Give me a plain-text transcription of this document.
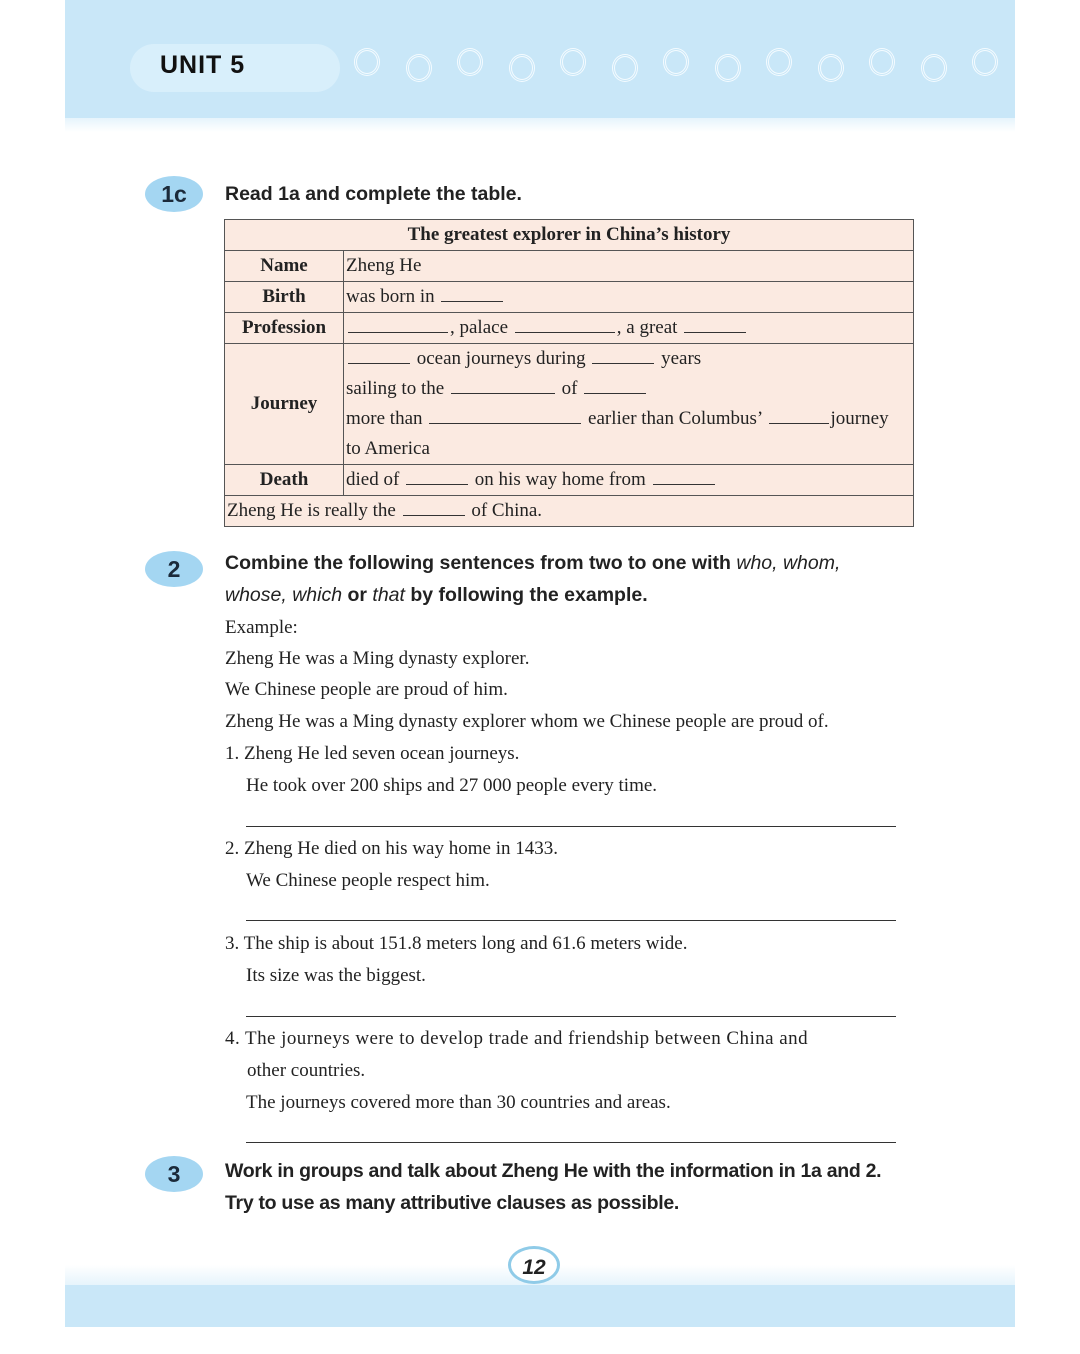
UNIT 5
1c	Read 1a and complete the table.
The greatest explorer in China’s history	
Name	Zheng He
Birth	was born in
Profession	, palace , a great
Journey	ocean journeys during years
sailing to the of
more than earlier than Columbus’ journey
to America

Death	died of on his way home from
Zheng He is really the of China.	
2	Combine the following sentences from two to one with who, whom,
whose, which or that by following the example.
Example:
Zheng He was a Ming dynasty explorer.
We Chinese people are proud of him.
Zheng He was a Ming dynasty explorer whom we Chinese people are proud of.
1. Zheng He led seven ocean journeys.
He took over 200 ships and 27 000 people every time.
2. Zheng He died on his way home in 1433.
We Chinese people respect him.
3. The ship is about 151.8 meters long and 61.6 meters wide.
Its size was the biggest.
4. The journeys were to develop trade and friendship between China and
other countries.
The journeys covered more than 30 countries and areas.
3	Work in groups and talk about Zheng He with the information in 1a and 2.
Try to use as many attributive clauses as possible.
12
